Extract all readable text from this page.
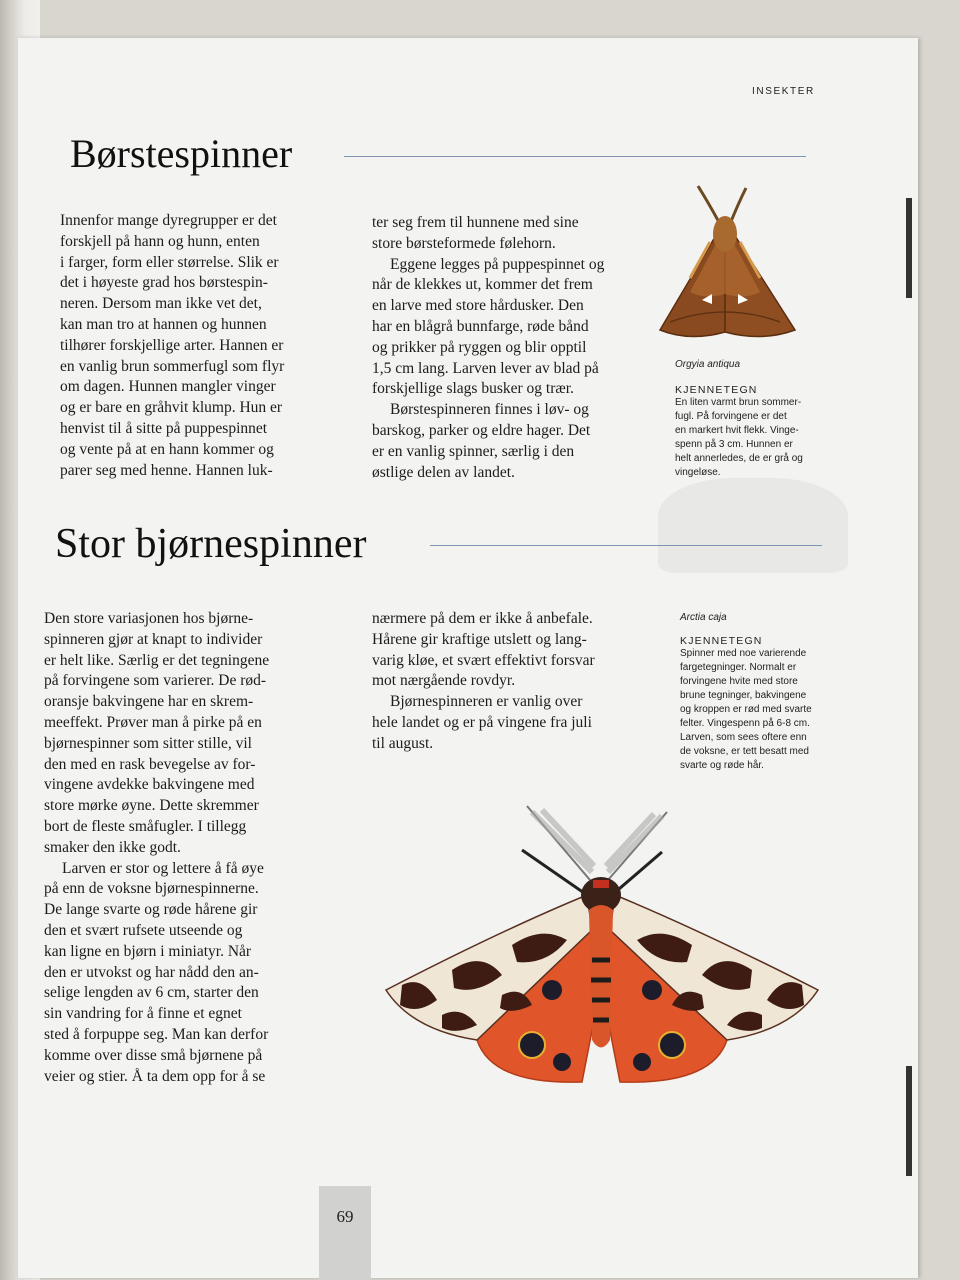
INSEKTER
Børstespinner

Innenfor mange dyregrupper er det

forskjell på hann og hunn, enten

i farger, form eller størrelse. Slik er

det i høyeste grad hos børstespin-

neren. Dersom man ikke vet det,

kan man tro at hannen og hunnen

tilhører forskjellige arter. Hannen er

en vanlig brun sommerfugl som flyr

om dagen. Hunnen mangler vinger

og er bare en gråhvit klump. Hun er

henvist til å sitte på puppespinnet

og vente på at en hann kommer og

parer seg med henne. Hannen luk-

ter seg frem til hunnene med sine

store børsteformede følehorn.

Eggene legges på puppespinnet og

når de klekkes ut, kommer det frem

en larve med store hårdusker. Den

har en blågrå bunnfarge, røde bånd

og prikker på ryggen og blir opptil

1,5 cm lang. Larven lever av blad på

forskjellige slags busker og trær.

Børstespinneren finnes i løv- og

barskog, parker og eldre hager. Det

er en vanlig spinner, særlig i den

østlige delen av landet.

Orgyia antiqua
KJENNETEGN
En liten varmt brun sommer-
fugl. På forvingene er det
en markert hvit flekk. Vinge-
spenn på 3 cm. Hunnen er
helt annerledes, de er grå og
vingeløse.
Stor bjørnespinner

Den store variasjonen hos bjørne-

spinneren gjør at knapt to individer

er helt like. Særlig er det tegningene

på forvingene som varierer. De rød-

oransje bakvingene har en skrem-

meeffekt. Prøver man å pirke på en

bjørnespinner som sitter stille, vil

den med en rask bevegelse av for-

vingene avdekke bakvingene med

store mørke øyne. Dette skremmer

bort de fleste småfugler. I tillegg

smaker den ikke godt.

Larven er stor og lettere å få øye

på enn de voksne bjørnespinnerne.

De lange svarte og røde hårene gir

den et svært rufsete utseende og

kan ligne en bjørn i miniatyr. Når

den er utvokst og har nådd den an-

selige lengden av 6 cm, starter den

sin vandring for å finne et egnet

sted å forpuppe seg. Man kan derfor

komme over disse små bjørnene på

veier og stier. Å ta dem opp for å se

nærmere på dem er ikke å anbefale.

Hårene gir kraftige utslett og lang-

varig kløe, et svært effektivt forsvar

mot nærgående rovdyr.

Bjørnespinneren er vanlig over

hele landet og er på vingene fra juli

til august.

Arctia caja
KJENNETEGN
Spinner med noe varierende
fargetegninger. Normalt er
forvingene hvite med store
brune tegninger, bakvingene
og kroppen er rød med svarte
felter. Vingespenn på 6-8 cm.
Larven, som sees oftere enn
de voksne, er tett besatt med
svarte og røde hår.
69
